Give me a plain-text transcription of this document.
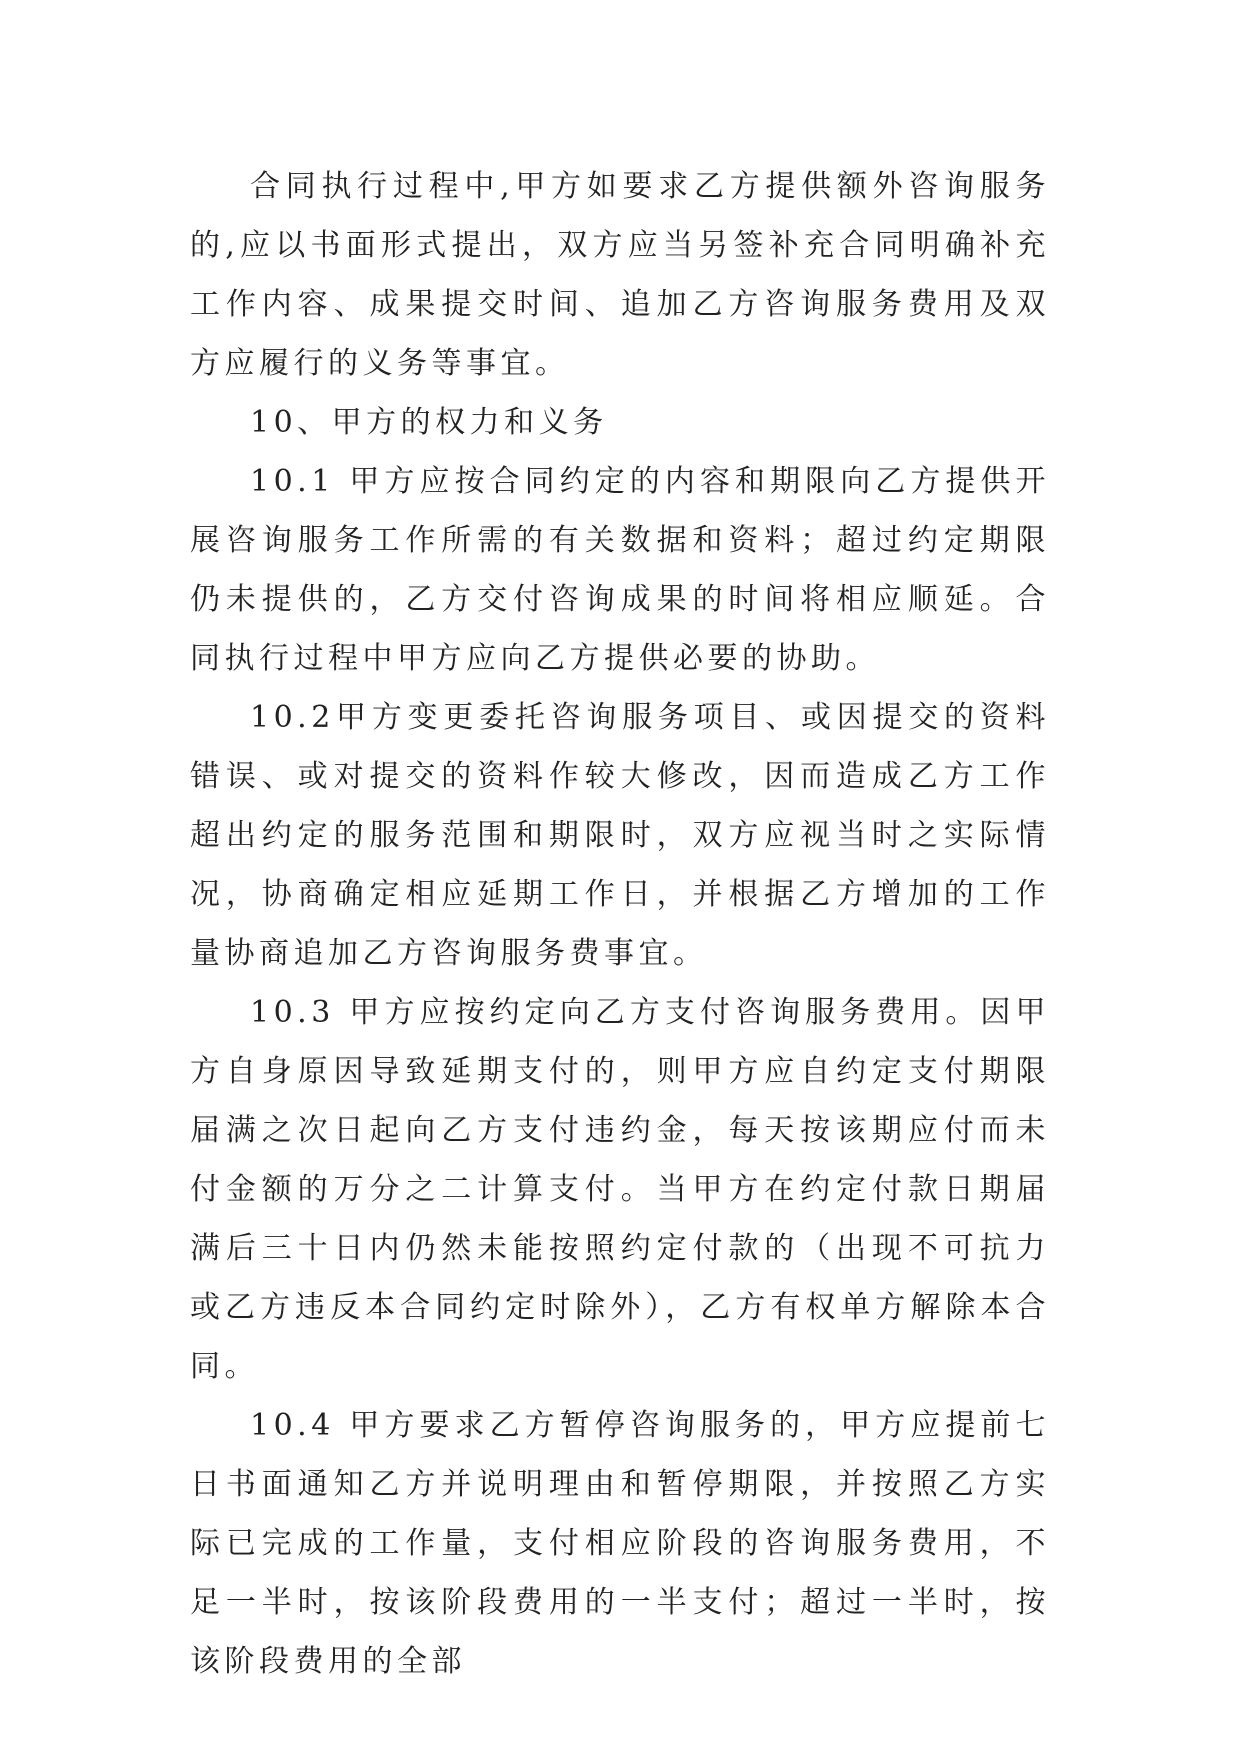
合同执行过程中,甲方如要求乙方提供额外咨询服务的,应以书面形式提出，双方应当另签补充合同明确补充工作内容、成果提交时间、追加乙方咨询服务费用及双方应履行的义务等事宜。

10、甲方的权力和义务

10.1 甲方应按合同约定的内容和期限向乙方提供开展咨询服务工作所需的有关数据和资料；超过约定期限仍未提供的，乙方交付咨询成果的时间将相应顺延。合同执行过程中甲方应向乙方提供必要的协助。

10.2甲方变更委托咨询服务项目、或因提交的资料错误、或对提交的资料作较大修改，因而造成乙方工作超出约定的服务范围和期限时，双方应视当时之实际情况，协商确定相应延期工作日，并根据乙方增加的工作量协商追加乙方咨询服务费事宜。

10.3 甲方应按约定向乙方支付咨询服务费用。因甲方自身原因导致延期支付的，则甲方应自约定支付期限届满之次日起向乙方支付违约金，每天按该期应付而未付金额的万分之二计算支付。当甲方在约定付款日期届满后三十日内仍然未能按照约定付款的（出现不可抗力或乙方违反本合同约定时除外），乙方有权单方解除本合同。

10.4 甲方要求乙方暂停咨询服务的，甲方应提前七日书面通知乙方并说明理由和暂停期限，并按照乙方实际已完成的工作量，支付相应阶段的咨询服务费用，不足一半时，按该阶段费用的一半支付；超过一半时，按该阶段费用的全部
